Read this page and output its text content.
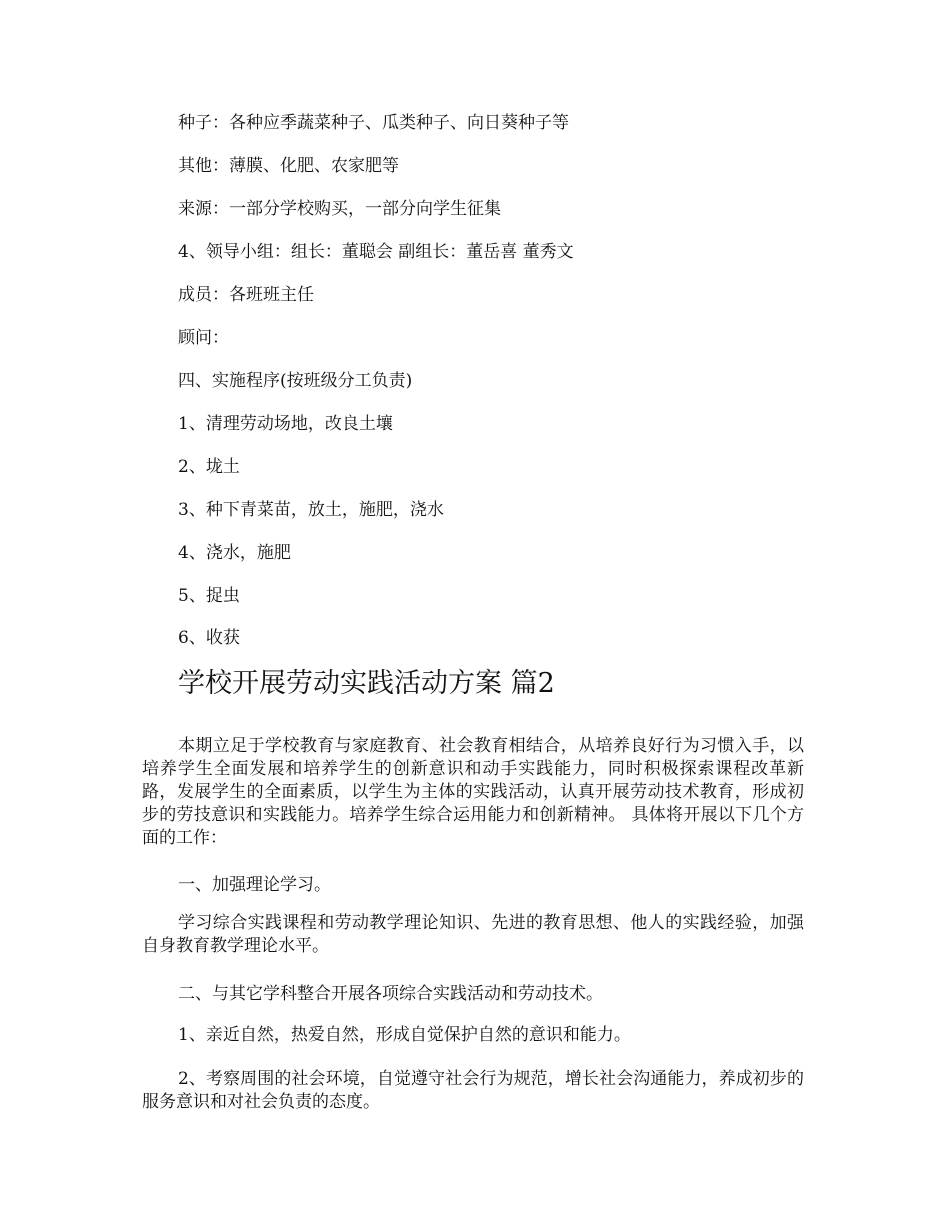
种子：各种应季蔬菜种子、瓜类种子、向日葵种子等

其他：薄膜、化肥、农家肥等

来源：一部分学校购买，一部分向学生征集

4、领导小组：组长：董聪会 副组长：董岳喜 董秀文

成员：各班班主任

顾问：

四、实施程序(按班级分工负责)

1、清理劳动场地，改良土壤

2、垅土

3、种下青菜苗，放土，施肥，浇水

4、浇水，施肥

5、捉虫

6、收获

学校开展劳动实践活动方案 篇2

本期立足于学校教育与家庭教育、社会教育相结合，从培养良好行为习惯入手，以培养学生全面发展和培养学生的创新意识和动手实践能力，同时积极探索课程改革新路，发展学生的全面素质，以学生为主体的实践活动，认真开展劳动技术教育，形成初步的劳技意识和实践能力。培养学生综合运用能力和创新精神。 具体将开展以下几个方面的工作：

一、加强理论学习。

学习综合实践课程和劳动教学理论知识、先进的教育思想、他人的实践经验，加强自身教育教学理论水平。

二、与其它学科整合开展各项综合实践活动和劳动技术。

1、亲近自然，热爱自然，形成自觉保护自然的意识和能力。

2、考察周围的社会环境，自觉遵守社会行为规范，增长社会沟通能力，养成初步的服务意识和对社会负责的态度。
